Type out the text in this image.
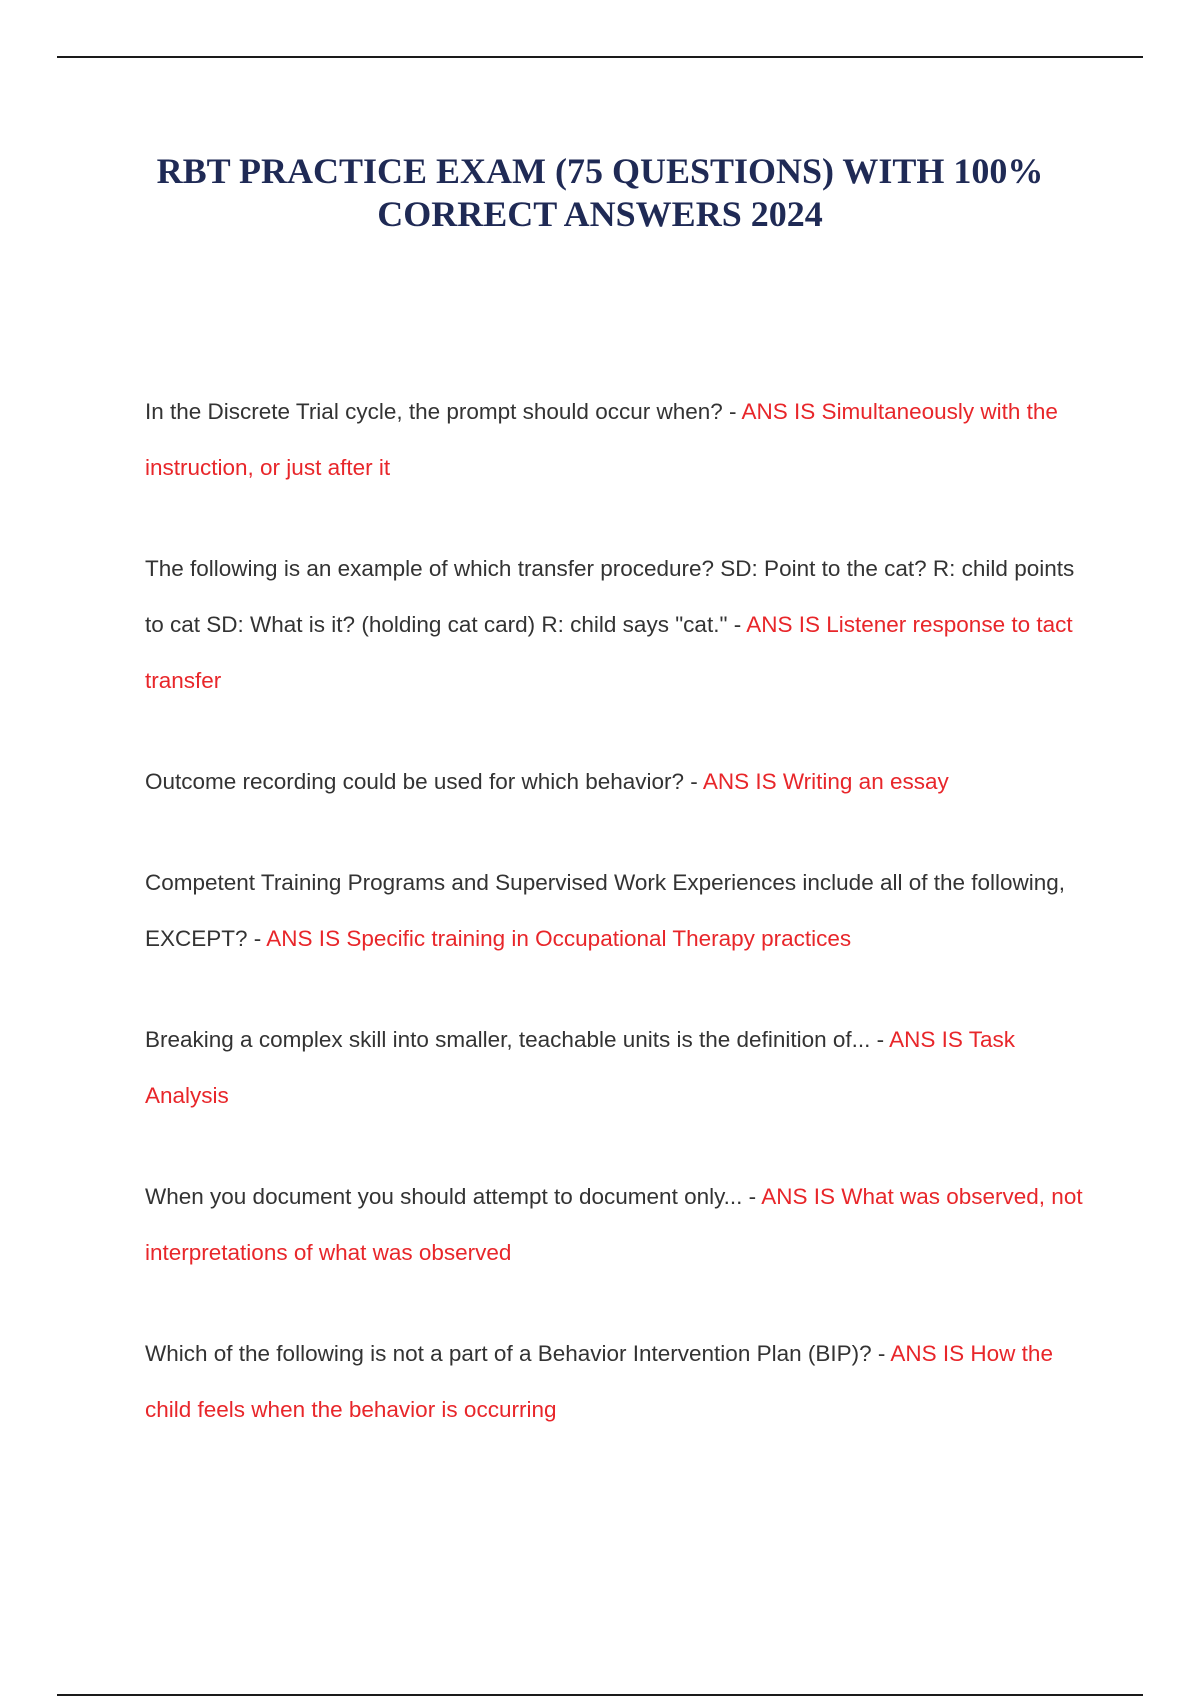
RBT PRACTICE EXAM (75 QUESTIONS) WITH 100% CORRECT ANSWERS 2024

In the Discrete Trial cycle, the prompt should occur when? - ANS IS Simultaneously with the instruction, or just after it

The following is an example of which transfer procedure? SD: Point to the cat? R: child points to cat SD: What is it? (holding cat card) R: child says "cat." - ANS IS Listener response to tact transfer

Outcome recording could be used for which behavior? - ANS IS Writing an essay

Competent Training Programs and Supervised Work Experiences include all of the following, EXCEPT? - ANS IS Specific training in Occupational Therapy practices

Breaking a complex skill into smaller, teachable units is the definition of... - ANS IS Task Analysis

When you document you should attempt to document only... - ANS IS What was observed, not interpretations of what was observed

Which of the following is not a part of a Behavior Intervention Plan (BIP)? - ANS IS How the child feels when the behavior is occurring
